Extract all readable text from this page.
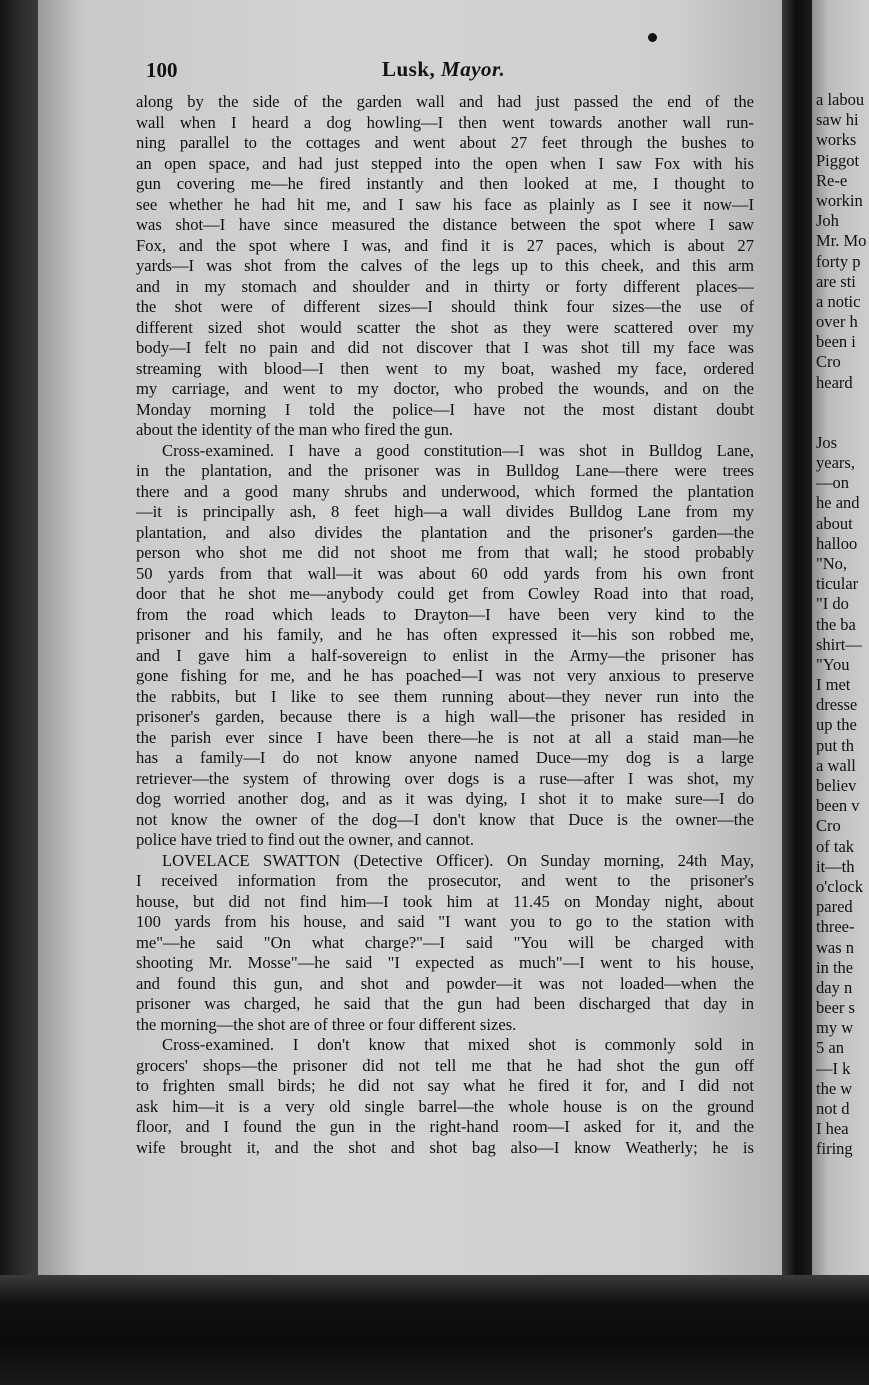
100	Lusk, Mayor.
along by the side of the garden wall and had just passed the end of the
wall when I heard a dog howling—I then went towards another wall run-
ning parallel to the cottages and went about 27 feet through the bushes to
an open space, and had just stepped into the open when I saw Fox with his
gun covering me—he fired instantly and then looked at me, I thought to
see whether he had hit me, and I saw his face as plainly as I see it now—I
was shot—I have since measured the distance between the spot where I saw
Fox, and the spot where I was, and find it is 27 paces, which is about 27
yards—I was shot from the calves of the legs up to this cheek, and this arm
and in my stomach and shoulder and in thirty or forty different places—
the shot were of different sizes—I should think four sizes—the use of
different sized shot would scatter the shot as they were scattered over my
body—I felt no pain and did not discover that I was shot till my face was
streaming with blood—I then went to my boat, washed my face, ordered
my carriage, and went to my doctor, who probed the wounds, and on the
Monday morning I told the police—I have not the most distant doubt
about the identity of the man who fired the gun.
Cross-examined. I have a good constitution—I was shot in Bulldog Lane,
in the plantation, and the prisoner was in Bulldog Lane—there were trees
there and a good many shrubs and underwood, which formed the plantation
—it is principally ash, 8 feet high—a wall divides Bulldog Lane from my
plantation, and also divides the plantation and the prisoner's garden—the
person who shot me did not shoot me from that wall; he stood probably
50 yards from that wall—it was about 60 odd yards from his own front
door that he shot me—anybody could get from Cowley Road into that road,
from the road which leads to Drayton—I have been very kind to the
prisoner and his family, and he has often expressed it—his son robbed me,
and I gave him a half-sovereign to enlist in the Army—the prisoner has
gone fishing for me, and he has poached—I was not very anxious to preserve
the rabbits, but I like to see them running about—they never run into the
prisoner's garden, because there is a high wall—the prisoner has resided in
the parish ever since I have been there—he is not at all a staid man—he
has a family—I do not know anyone named Duce—my dog is a large
retriever—the system of throwing over dogs is a ruse—after I was shot, my
dog worried another dog, and as it was dying, I shot it to make sure—I do
not know the owner of the dog—I don't know that Duce is the owner—the
police have tried to find out the owner, and cannot.
LOVELACE SWATTON (Detective Officer). On Sunday morning, 24th May,
I received information from the prosecutor, and went to the prisoner's
house, but did not find him—I took him at 11.45 on Monday night, about
100 yards from his house, and said "I want you to go to the station with
me"—he said "On what charge?"—I said "You will be charged with
shooting Mr. Mosse"—he said "I expected as much"—I went to his house,
and found this gun, and shot and powder—it was not loaded—when the
prisoner was charged, he said that the gun had been discharged that day in
the morning—the shot are of three or four different sizes.
Cross-examined. I don't know that mixed shot is commonly sold in
grocers' shops—the prisoner did not tell me that he had shot the gun off
to frighten small birds; he did not say what he fired it for, and I did not
ask him—it is a very old single barrel—the whole house is on the ground
floor, and I found the gun in the right-hand room—I asked for it, and the
wife brought it, and the shot and shot bag also—I know Weatherly; he is
a labou
saw hi
works
Piggot
Re-e
workin
Joh
Mr. Mo
forty p
are sti
a notic
over h
been i
Cro
heard
Jos
years,
—on
he and
about
halloo
"No,
ticular
"I do
the ba
shirt—
"You
I met
dresse
up the
put th
a wall
believ
been v
Cro
of tak
it—th
o'clock
pared
three-
was n
in the
day n
beer s
my w
5 an
—I k
the w
not d
I hea
firing
